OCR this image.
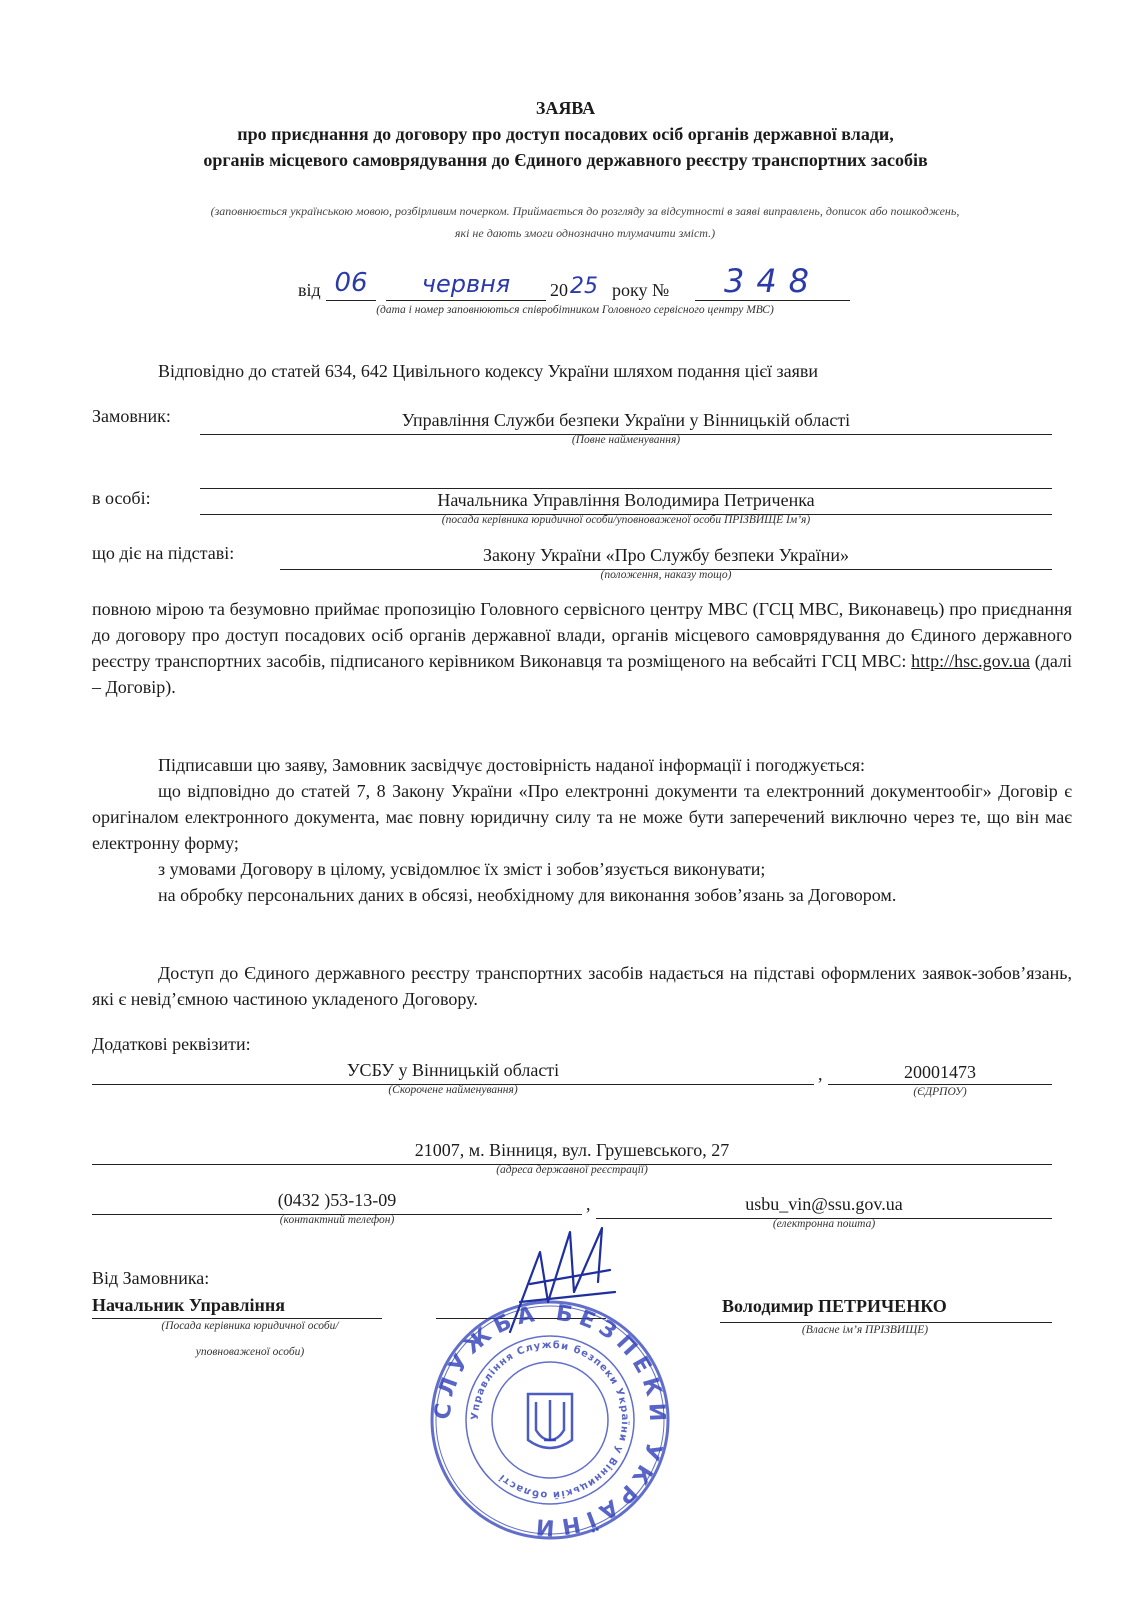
ЗАЯВА
про приєднання до договору про доступ посадових осіб органів державної влади,
органів місцевого самоврядування до Єдиного державного реєстру транспортних засобів
(заповнюється українською мовою, розбірливим почерком. Приймається до розгляду за відсутності в заяві виправлень, дописок або пошкоджень,
які не дають змоги однозначно тлумачити зміст.)
від 06	червня	20 25 року №	348
(дата і номер заповнюються співробітником Головного сервісного центру МВС)
Відповідно до статей 634, 642 Цивільного кодексу України шляхом подання цієї заяви
Замовник:	Управління Служби безпеки України у Вінницькій області
(Повне найменування)
в особі:	Начальника Управління Володимира Петриченка
(посада керівника юридичної особи/уповноваженої особи ПРІЗВИЩЕ Ім’я)
що діє на підставі:	Закону України «Про Службу безпеки України»
(положення, наказу тощо)
повною мірою та безумовно приймає пропозицію Головного сервісного центру МВС (ГСЦ МВС, Виконавець) про приєднання до договору про доступ посадових осіб органів державної влади, органів місцевого самоврядування до Єдиного державного реєстру транспортних засобів, підписаного керівником Виконавця та розміщеного на вебсайті ГСЦ МВС: http://hsc.gov.ua (далі – Договір).
Підписавши цю заяву, Замовник засвідчує достовірність наданої інформації і погоджується:
що відповідно до статей 7, 8 Закону України «Про електронні документи та електронний документообіг» Договір є оригіналом електронного документа, має повну юридичну силу та не може бути заперечений виключно через те, що він має електронну форму;
з умовами Договору в цілому, усвідомлює їх зміст і зобов’язується виконувати;
на обробку персональних даних в обсязі, необхідному для виконання зобов’язань за Договором.
Доступ до Єдиного державного реєстру транспортних засобів надається на підставі оформлених заявок-зобов’язань, які є невід’ємною частиною укладеного Договору.
Додаткові реквізити:
УСБУ у Вінницькій області
(Скорочене найменування)
,	20001473
(ЄДРПОУ)
21007, м. Вінниця, вул. Грушевського, 27
(адреса державної реєстрації)
(0432 )53-13-09
(контактний телефон)
,	usbu_vin@ssu.gov.ua
(електронна пошта)
Від Замовника:
Начальник Управління
(Посада керівника юридичної особи/
уповноваженої особи)
Володимир ПЕТРИЧЕНКО
(Власне ім’я ПРІЗВИЩЕ)
СЛУЖБА БЕЗПЕКИ УКРАЇНИ
Управління Служби безпеки України у Вінницькій області
